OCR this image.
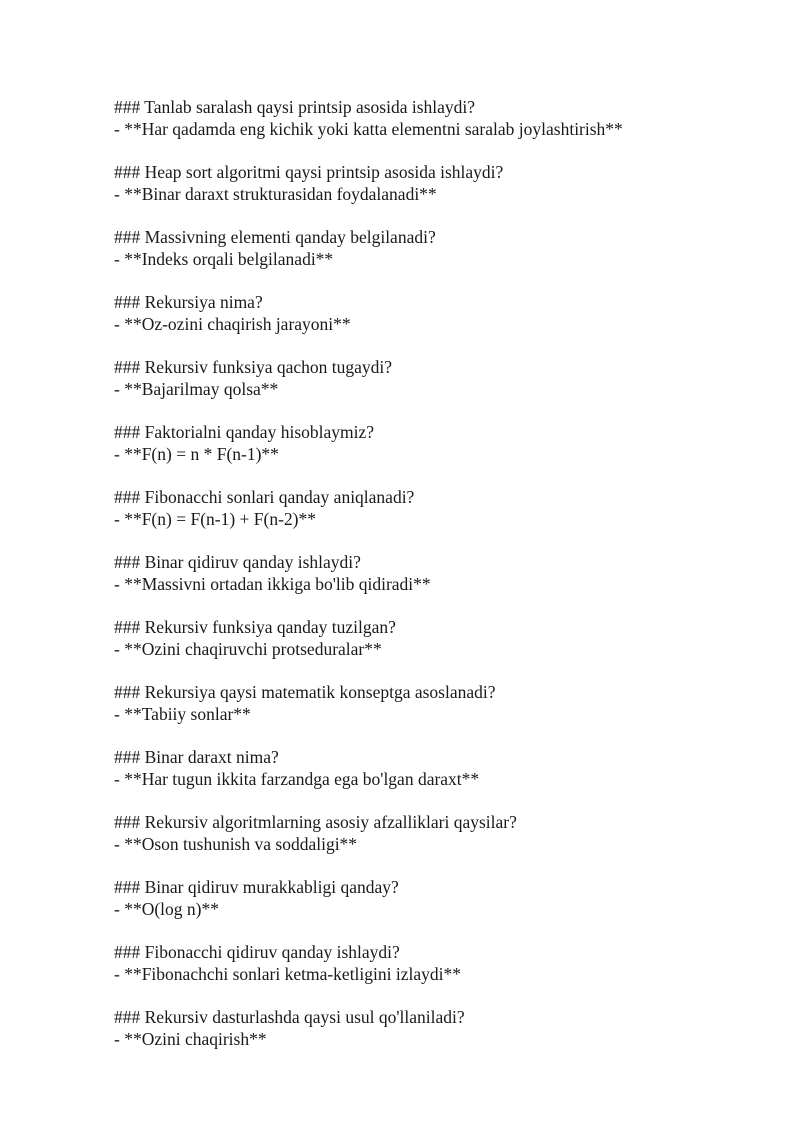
### Tanlab saralash qaysi printsip asosida ishlaydi?
- **Har qadamda eng kichik yoki katta elementni saralab joylashtirish**
### Heap sort algoritmi qaysi printsip asosida ishlaydi?
- **Binar daraxt strukturasidan foydalanadi**
### Massivning elementi qanday belgilanadi?
- **Indeks orqali belgilanadi**
### Rekursiya nima?
- **Oz-ozini chaqirish jarayoni**
### Rekursiv funksiya qachon tugaydi?
- **Bajarilmay qolsa**
### Faktorialni qanday hisoblaymiz?
- **F(n) = n * F(n-1)**
### Fibonacchi sonlari qanday aniqlanadi?
- **F(n) = F(n-1) + F(n-2)**
### Binar qidiruv qanday ishlaydi?
- **Massivni ortadan ikkiga bo'lib qidiradi**
### Rekursiv funksiya qanday tuzilgan?
- **Ozini chaqiruvchi protseduralar**
### Rekursiya qaysi matematik konseptga asoslanadi?
- **Tabiiy sonlar**
### Binar daraxt nima?
- **Har tugun ikkita farzandga ega bo'lgan daraxt**
### Rekursiv algoritmlarning asosiy afzalliklari qaysilar?
- **Oson tushunish va soddaligi**
### Binar qidiruv murakkabligi qanday?
- **O(log n)**
### Fibonacchi qidiruv qanday ishlaydi?
- **Fibonachchi sonlari ketma-ketligini izlaydi**
### Rekursiv dasturlashda qaysi usul qo'llaniladi?
- **Ozini chaqirish**
